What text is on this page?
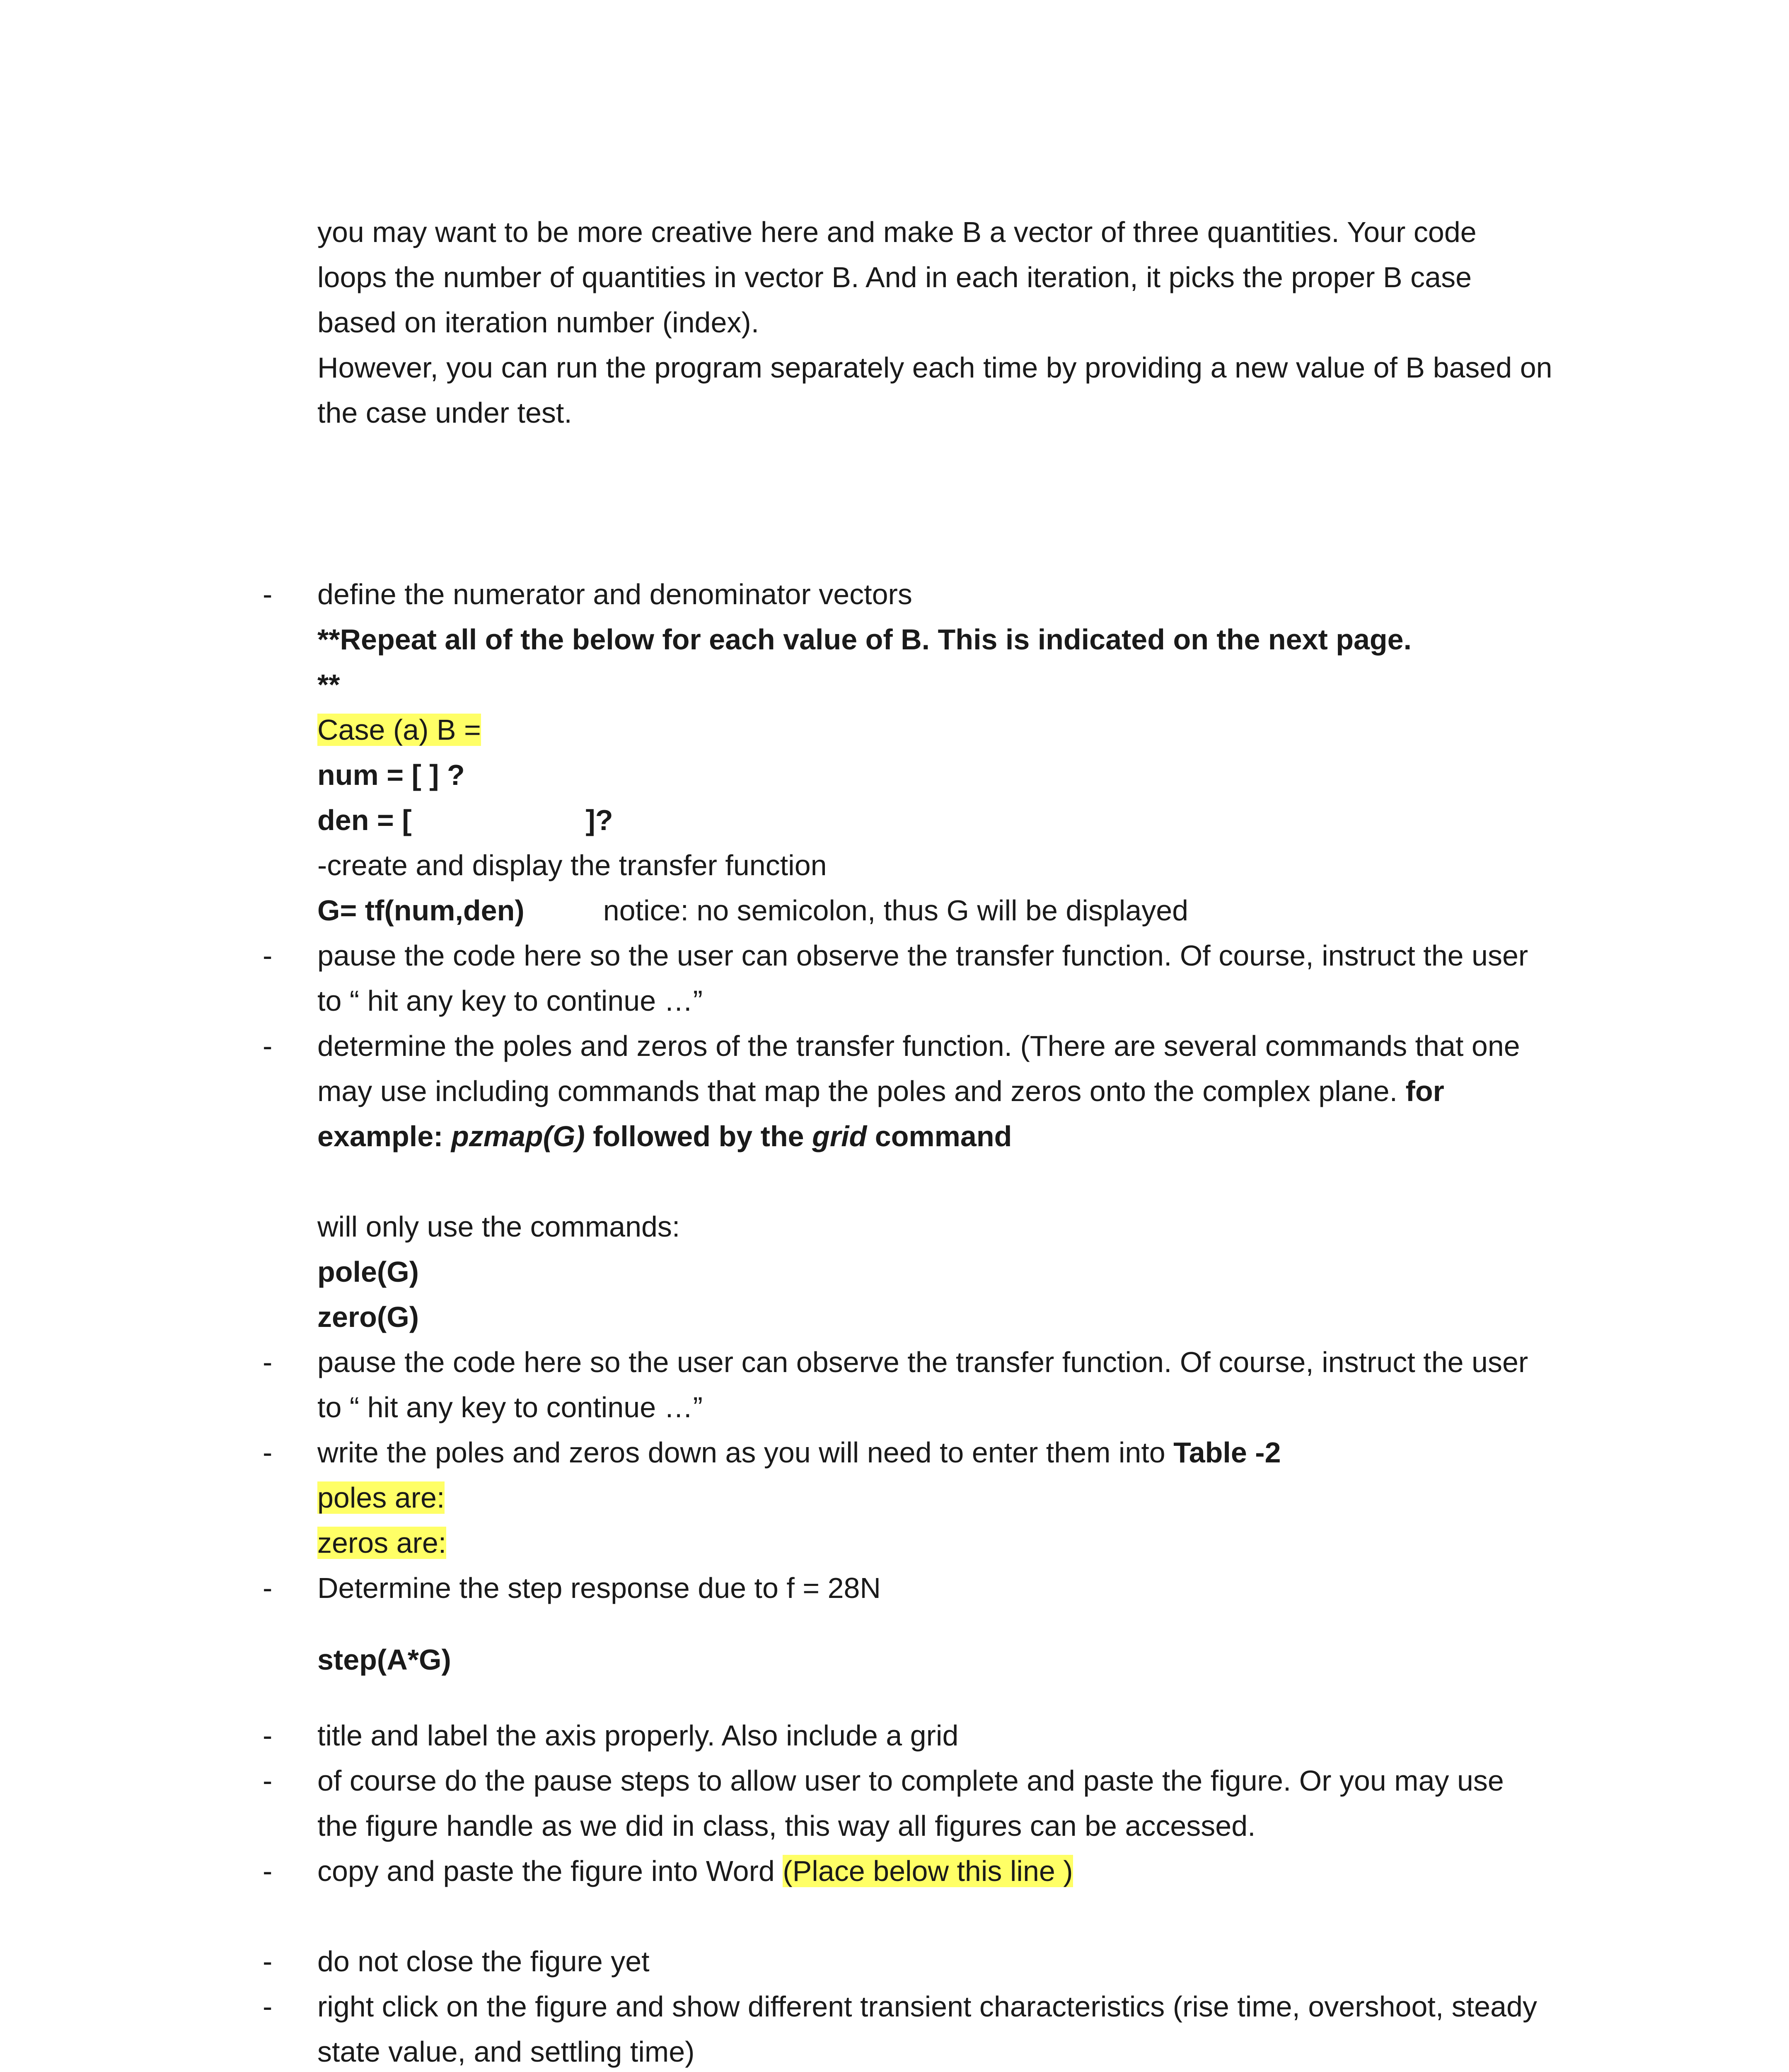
you may want to be more creative here and make B a vector of three quantities. Your code

loops the number of quantities in vector B. And in each iteration, it picks the proper B case

based on iteration number (index).

However, you can run the program separately each time by providing a new value of B based on

the case under test.

- define the numerator and denominator vectors

**Repeat all of the below for each value of B. This is indicated on the next page.

**

Case (a) B =

num = [ ] ?

den = [	]?

-create and display the transfer function

G= tf(num,den)	notice: no semicolon, thus G will be displayed

- pause the code here so the user can observe the transfer function. Of course, instruct the user

to “ hit any key to continue …”

- determine the poles and zeros of the transfer function. (There are several commands that one

may use including commands that map the poles and zeros onto the complex plane. for

example: pzmap(G) followed by the grid command

will only use the commands:

pole(G)

zero(G)

- pause the code here so the user can observe the transfer function. Of course, instruct the user

to “ hit any key to continue …”

- write the poles and zeros down as you will need to enter them into Table -2

poles are:

zeros are:

- Determine the step response due to f = 28N

step(A*G)

- title and label the axis properly. Also include a grid

- of course do the pause steps to allow user to complete and paste the figure. Or you may use

the figure handle as we did in class, this way all figures can be accessed.

- copy and paste the figure into Word (Place below this line )

- do not close the figure yet

- right click on the figure and show different transient characteristics (rise time, overshoot, steady

state value, and settling time)
